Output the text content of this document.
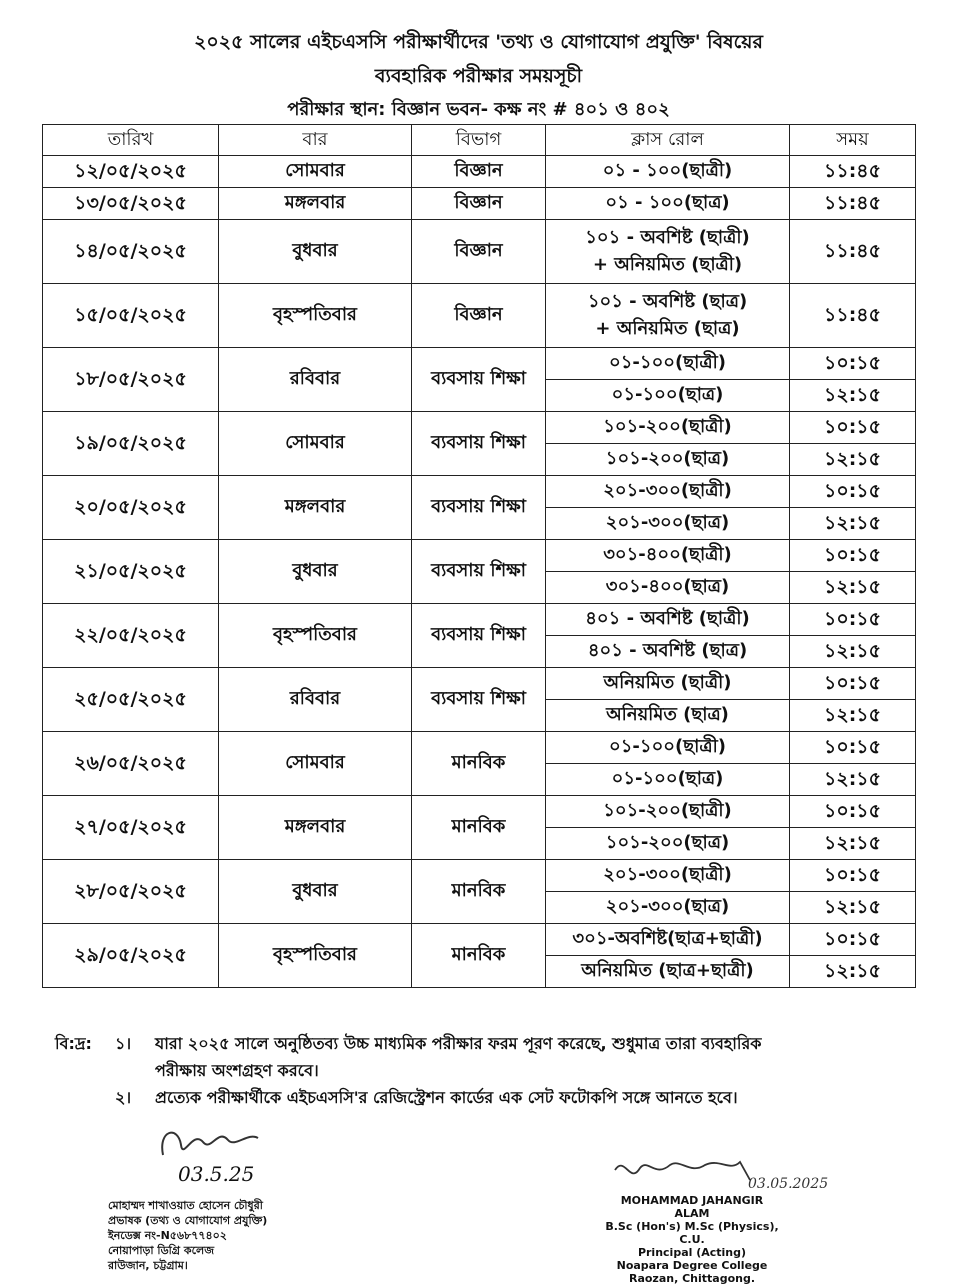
২০২৫ সালের এইচএসসি পরীক্ষার্থীদের 'তথ্য ও যোগাযোগ প্রযুক্তি' বিষয়ের
ব্যবহারিক পরীক্ষার সময়সূচী
পরীক্ষার স্থান: বিজ্ঞান ভবন- কক্ষ নং # ৪০১ ও ৪০২
তারিখ	বার	বিভাগ	ক্লাস রোল	সময়
১২/০৫/২০২৫	সোমবার	বিজ্ঞান	০১ - ১০০(ছাত্রী)	১১:৪৫
১৩/০৫/২০২৫	মঙ্গলবার	বিজ্ঞান	০১ - ১০০(ছাত্র)	১১:৪৫
১৪/০৫/২০২৫	বুধবার	বিজ্ঞান	১০১ - অবশিষ্ট (ছাত্রী)
+ অনিয়মিত (ছাত্রী)	১১:৪৫
১৫/০৫/২০২৫	বৃহস্পতিবার	বিজ্ঞান	১০১ - অবশিষ্ট (ছাত্র)
+ অনিয়মিত (ছাত্র)	১১:৪৫
১৮/০৫/২০২৫	রবিবার	ব্যবসায় শিক্ষা	০১-১০০(ছাত্রী)	১০:১৫

			০১-১০০(ছাত্র)	১২:১৫
১৯/০৫/২০২৫	সোমবার	ব্যবসায় শিক্ষা	১০১-২০০(ছাত্রী)	১০:১৫

			১০১-২০০(ছাত্র)	১২:১৫
২০/০৫/২০২৫	মঙ্গলবার	ব্যবসায় শিক্ষা	২০১-৩০০(ছাত্রী)	১০:১৫

			২০১-৩০০(ছাত্র)	১২:১৫
২১/০৫/২০২৫	বুধবার	ব্যবসায় শিক্ষা	৩০১-৪০০(ছাত্রী)	১০:১৫

			৩০১-৪০০(ছাত্র)	১২:১৫
২২/০৫/২০২৫	বৃহস্পতিবার	ব্যবসায় শিক্ষা	৪০১ - অবশিষ্ট (ছাত্রী)	১০:১৫

			৪০১ - অবশিষ্ট (ছাত্র)	১২:১৫
২৫/০৫/২০২৫	রবিবার	ব্যবসায় শিক্ষা	অনিয়মিত (ছাত্রী)	১০:১৫

			অনিয়মিত (ছাত্র)	১২:১৫
২৬/০৫/২০২৫	সোমবার	মানবিক	০১-১০০(ছাত্রী)	১০:১৫

			০১-১০০(ছাত্র)	১২:১৫
২৭/০৫/২০২৫	মঙ্গলবার	মানবিক	১০১-২০০(ছাত্রী)	১০:১৫

			১০১-২০০(ছাত্র)	১২:১৫
২৮/০৫/২০২৫	বুধবার	মানবিক	২০১-৩০০(ছাত্রী)	১০:১৫

			২০১-৩০০(ছাত্র)	১২:১৫
২৯/০৫/২০২৫	বৃহস্পতিবার	মানবিক	৩০১-অবশিষ্ট(ছাত্র+ছাত্রী)	১০:১৫

			অনিয়মিত (ছাত্র+ছাত্রী)	১২:১৫
বি:দ্র:	১।	যারা ২০২৫ সালে অনুষ্ঠিতব্য উচ্চ মাধ্যমিক পরীক্ষার ফরম পূরণ করেছে, শুধুমাত্র তারা ব্যবহারিক
পরীক্ষায় অংশগ্রহণ করবে।
২।	প্রত্যেক পরীক্ষার্থীকে এইচএসসি'র রেজিস্ট্রেশন কার্ডের এক সেট ফটোকপি সঙ্গে আনতে হবে।
03.5.25
মোহাম্মদ শাখাওয়াত হোসেন চৌধুরী
প্রভাষক (তথ্য ও যোগাযোগ প্রযুক্তি)
ইনডেক্স নং-N৫৬৮৭৭৪০২
নোয়াপাড়া ডিগ্রি কলেজ
রাউজান, চট্টগ্রাম।
03.05.2025
MOHAMMAD JAHANGIR ALAM
B.Sc (Hon's) M.Sc (Physics), C.U.
Principal (Acting)
Noapara Degree College
Raozan, Chittagong.
